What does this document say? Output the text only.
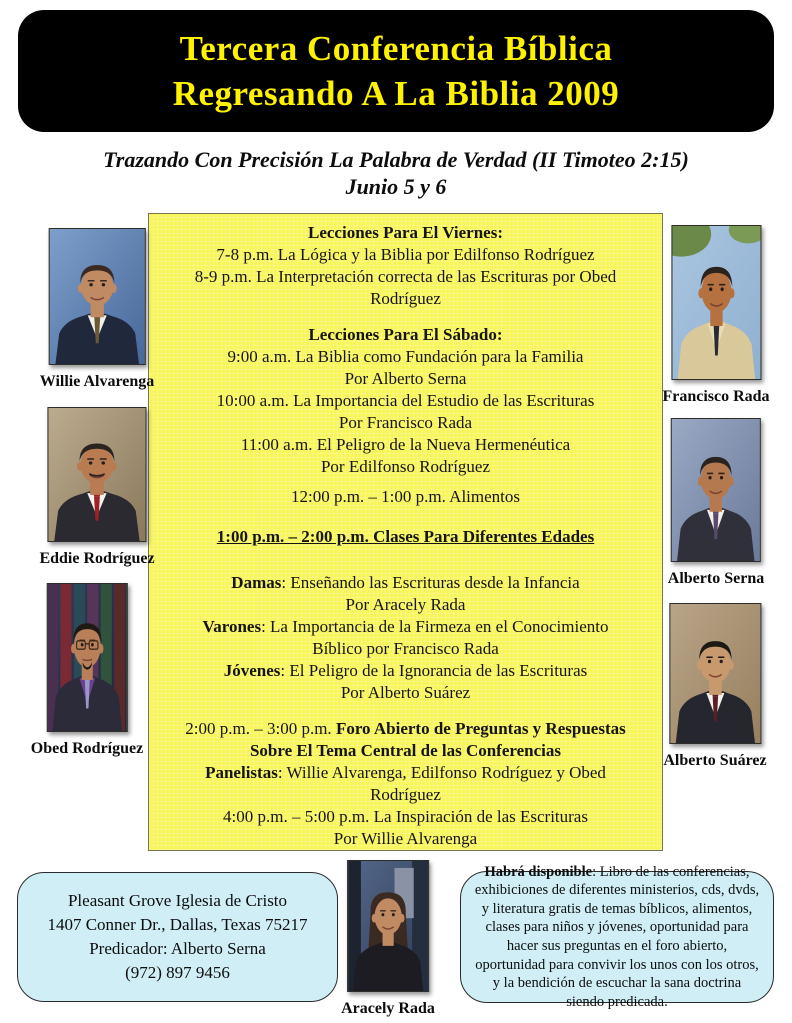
Tercera Conferencia Bíblica
Regresando A La Biblia 2009
Trazando Con Precisión La Palabra de Verdad (II Timoteo 2:15)
Junio 5 y 6
Lecciones Para El Viernes:
7-8 p.m. La Lógica y la Biblia por Edilfonso Rodríguez
8-9 p.m. La Interpretación correcta de las Escrituras por Obed
Rodríguez
Lecciones Para El Sábado:
9:00 a.m. La Biblia como Fundación para la Familia
Por Alberto Serna
10:00 a.m. La Importancia del Estudio de las Escrituras
Por Francisco Rada
11:00 a.m. El Peligro de la Nueva Hermenéutica
Por Edilfonso Rodríguez
12:00 p.m. – 1:00 p.m. Alimentos
1:00 p.m. – 2:00 p.m. Clases Para Diferentes Edades
Damas: Enseñando las Escrituras desde la Infancia
Por Aracely Rada
Varones: La Importancia de la Firmeza en el Conocimiento
Bíblico por Francisco Rada
Jóvenes: El Peligro de la Ignorancia de las Escrituras
Por Alberto Suárez
2:00 p.m. – 3:00 p.m. Foro Abierto de Preguntas y Respuestas
Sobre El Tema Central de las Conferencias
Panelistas: Willie Alvarenga, Edilfonso Rodríguez y Obed
Rodríguez
4:00 p.m. – 5:00 p.m. La Inspiración de las Escrituras
Por Willie Alvarenga
Willie Alvarenga
Eddie Rodríguez
Obed Rodríguez
Aracely Rada
Francisco Rada
Alberto Serna
Alberto Suárez
Pleasant Grove Iglesia de Cristo
1407 Conner Dr., Dallas, Texas 75217
Predicador: Alberto Serna
(972) 897 9456
Habrá disponible: Libro de las conferencias, exhibiciones de diferentes ministerios, cds, dvds, y literatura gratis de temas bíblicos, alimentos, clases para niños y jóvenes, oportunidad para hacer sus preguntas en el foro abierto, oportunidad para convivir los unos con los otros, y la bendición de escuchar la sana doctrina siendo predicada.
